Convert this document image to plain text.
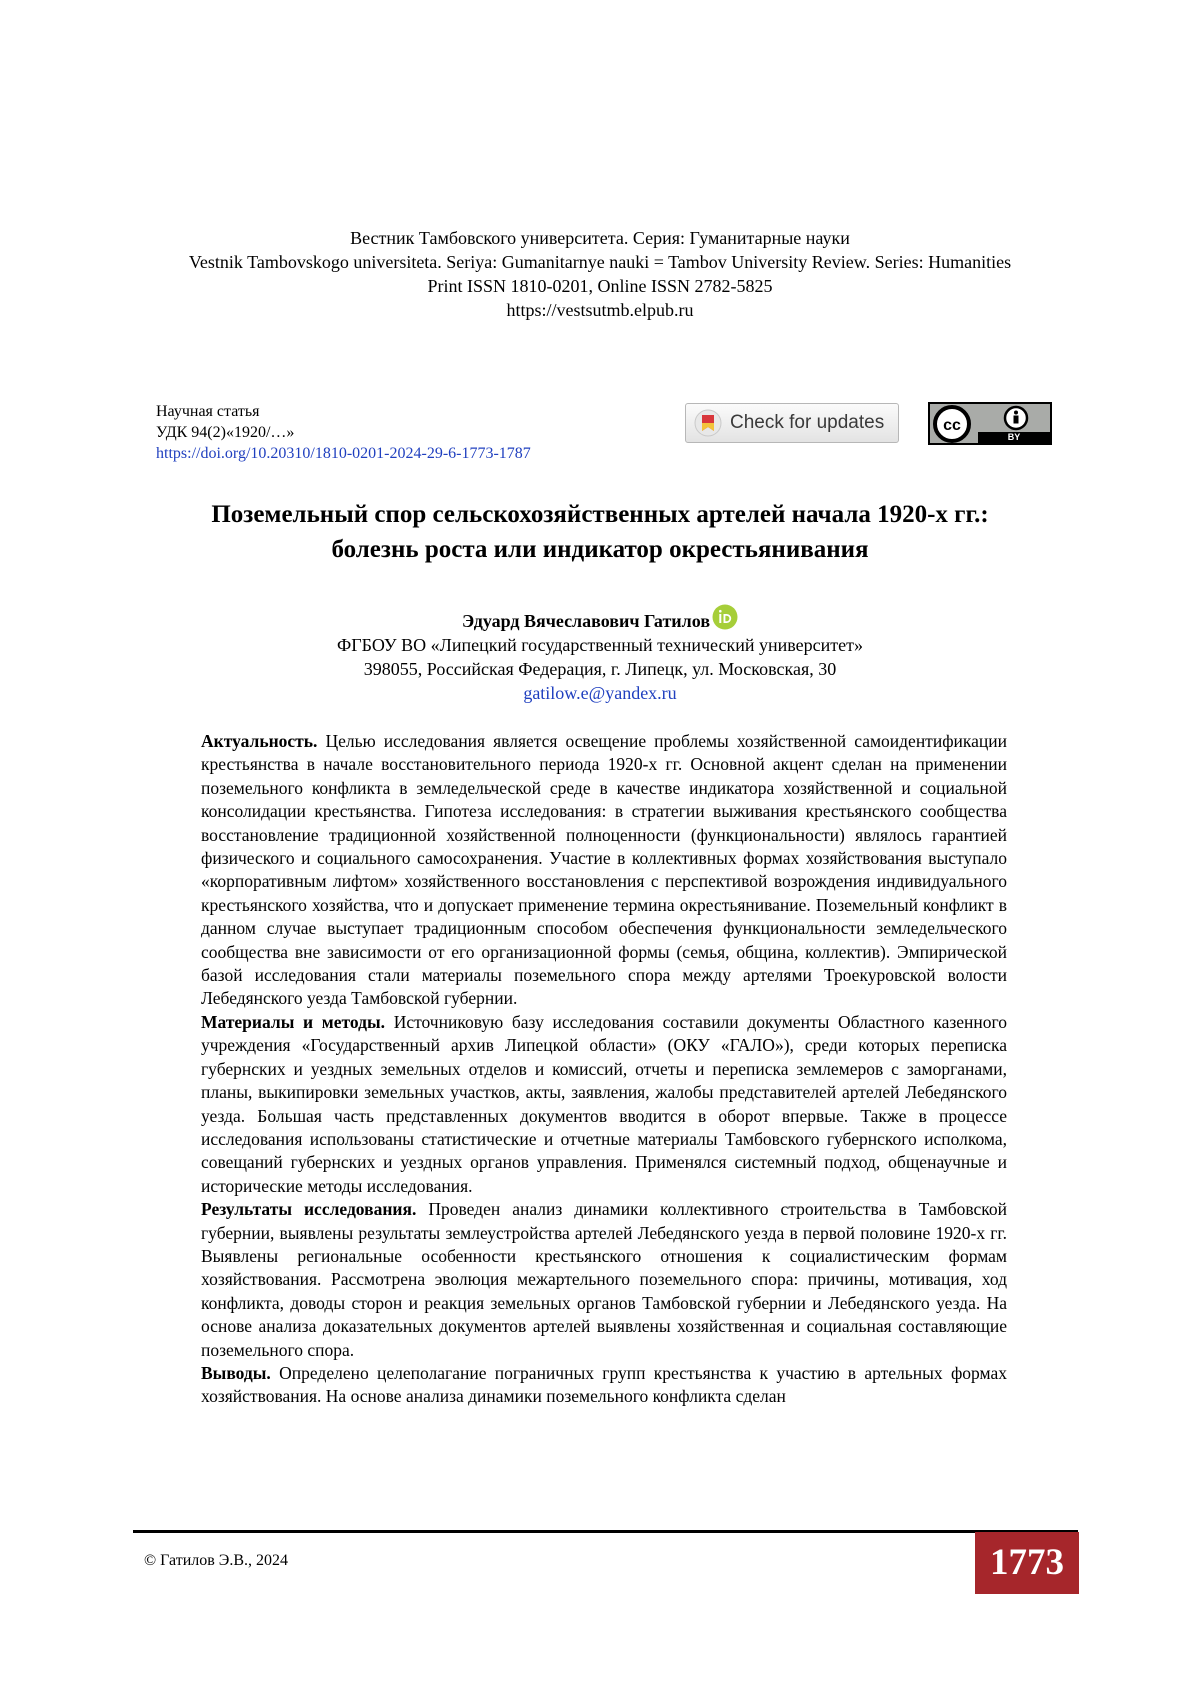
Вестник Тамбовского университета. Серия: Гуманитарные науки
Vestnik Tambovskogo universiteta. Seriya: Gumanitarnye nauki = Tambov University Review. Series: Humanities
Print ISSN 1810-0201, Online ISSN 2782-5825
https://vestsutmb.elpub.ru
Научная статья
УДК 94(2)«1920/…»
https://doi.org/10.20310/1810-0201-2024-29-6-1773-1787
Check for updates	cc
BY
Поземельный спор сельскохозяйственных артелей начала 1920-х гг.:
болезнь роста или индикатор окрестьянивания
Эдуард Вячеславович Гатилов
ФГБОУ ВО «Липецкий государственный технический университет»
398055, Российская Федерация, г. Липецк, ул. Московская, 30
gatilow.e@yandex.ru

Актуальность. Целью исследования является освещение проблемы хозяйственной самоидентификации крестьянства в начале восстановительного периода 1920-х гг. Основной акцент сделан на применении поземельного конфликта в земледельческой среде в качестве индикатора хозяйственной и социальной консолидации крестьянства. Гипотеза исследования: в стратегии выживания крестьянского сообщества восстановление традиционной хозяйственной полноценности (функциональности) являлось гарантией физического и социального самосохранения. Участие в коллективных формах хозяйствования выступало «корпоративным лифтом» хозяйственного восстановления с перспективой возрождения индивидуального крестьянского хозяйства, что и допускает применение термина окрестьянивание. Поземельный конфликт в данном случае выступает традиционным способом обеспечения функциональности земледельческого сообщества вне зависимости от его организационной формы (семья, община, коллектив). Эмпирической базой исследования стали материалы поземельного спора между артелями Троекуровской волости Лебедянского уезда Тамбовской губернии.

Материалы и методы. Источниковую базу исследования составили документы Областного казенного учреждения «Государственный архив Липецкой области» (ОКУ «ГАЛО»), среди которых переписка губернских и уездных земельных отделов и комиссий, отчеты и переписка землемеров с заморганами, планы, выкипировки земельных участков, акты, заявления, жалобы представителей артелей Лебедянского уезда. Большая часть представленных документов вводится в оборот впервые. Также в процессе исследования использованы статистические и отчетные материалы Тамбовского губернского исполкома, совещаний губернских и уездных органов управления. Применялся системный подход, общенаучные и исторические методы исследования.

Результаты исследования. Проведен анализ динамики коллективного строительства в Тамбовской губернии, выявлены результаты землеустройства артелей Лебедянского уезда в первой половине 1920-х гг. Выявлены региональные особенности крестьянского отношения к социалистическим формам хозяйствования. Рассмотрена эволюция межартельного поземельного спора: причины, мотивация, ход конфликта, доводы сторон и реакция земельных органов Тамбовской губернии и Лебедянского уезда. На основе анализа доказательных документов артелей выявлены хозяйственная и социальная составляющие поземельного спора.

Выводы. Определено целеполагание пограничных групп крестьянства к участию в артельных формах хозяйствования. На основе анализа динамики поземельного конфликта сделан

© Гатилов Э.В., 2024	1773
